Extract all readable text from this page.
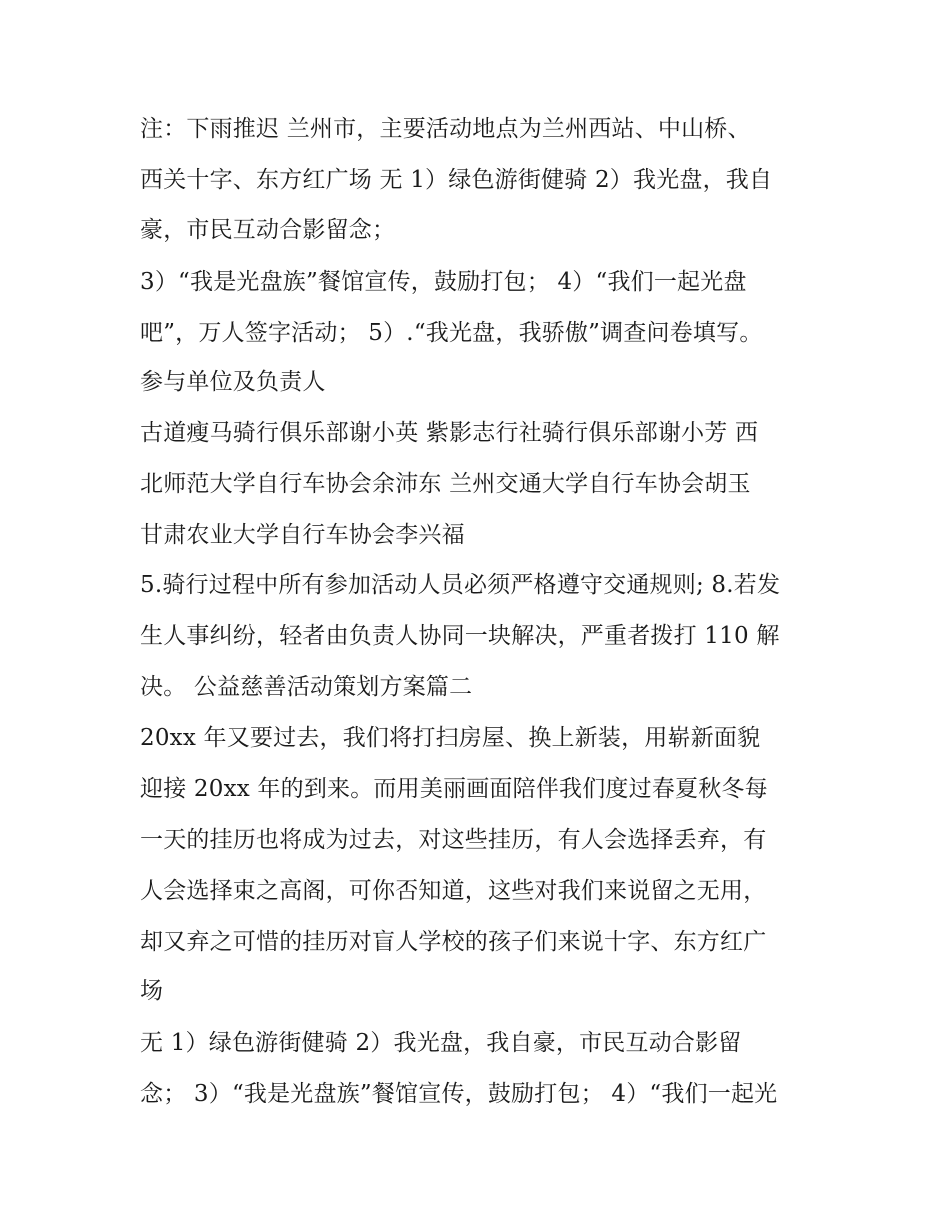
注：下雨推迟 兰州市，主要活动地点为兰州西站、中山桥、
西关十字、东方红广场 无 1）绿色游街健骑 2）我光盘，我自
豪，市民互动合影留念；
3）“我是光盘族”餐馆宣传，鼓励打包； 4）“我们一起光盘
吧”，万人签字活动； 5）.“我光盘，我骄傲”调查问卷填写。
参与单位及负责人
古道瘦马骑行俱乐部谢小英 紫影志行社骑行俱乐部谢小芳 西
北师范大学自行车协会余沛东 兰州交通大学自行车协会胡玉
甘肃农业大学自行车协会李兴福
5.骑行过程中所有参加活动人员必须严格遵守交通规则; 8.若发
生人事纠纷，轻者由负责人协同一块解决，严重者拨打 110 解
决。 公益慈善活动策划方案篇二
20xx 年又要过去，我们将打扫房屋、换上新装，用崭新面貌
迎接 20xx 年的到来。而用美丽画面陪伴我们度过春夏秋冬每
一天的挂历也将成为过去，对这些挂历，有人会选择丢弃，有
人会选择束之高阁，可你否知道，这些对我们来说留之无用，
却又弃之可惜的挂历对盲人学校的孩子们来说十字、东方红广
场
无 1）绿色游街健骑 2）我光盘，我自豪，市民互动合影留
念； 3）“我是光盘族”餐馆宣传，鼓励打包； 4）“我们一起光
